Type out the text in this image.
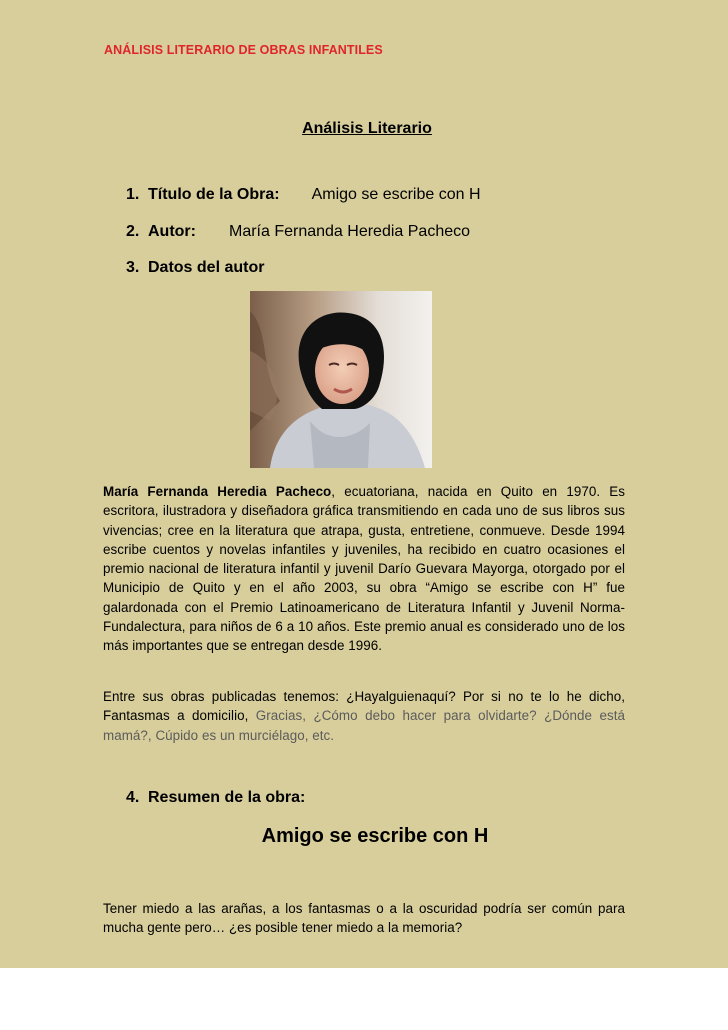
ANÁLISIS LITERARIO DE OBRAS INFANTILES
Análisis Literario
1. Título de la Obra: Amigo se escribe con H
2. Autor: María Fernanda Heredia Pacheco
3. Datos del autor
María Fernanda Heredia Pacheco, ecuatoriana, nacida en Quito en 1970. Es escritora, ilustradora y diseñadora gráfica transmitiendo en cada uno de sus libros sus vivencias; cree en la literatura que atrapa, gusta, entretiene, conmueve. Desde 1994 escribe cuentos y novelas infantiles y juveniles, ha recibido en cuatro ocasiones el premio nacional de literatura infantil y juvenil Darío Guevara Mayorga, otorgado por el Municipio de Quito y en el año 2003, su obra “Amigo se escribe con H” fue galardonada con el Premio Latinoamericano de Literatura Infantil y Juvenil Norma-Fundalectura, para niños de 6 a 10 años. Este premio anual es considerado uno de los más importantes que se entregan desde 1996.
Entre sus obras publicadas tenemos: ¿Hayalguienaquí? Por si no te lo he dicho, Fantasmas a domicilio, Gracias, ¿Cómo debo hacer para olvidarte? ¿Dónde está mamá?, Cúpido es un murciélago, etc.
4. Resumen de la obra:
Amigo se escribe con H
Tener miedo a las arañas, a los fantasmas o a la oscuridad podría ser común para mucha gente pero… ¿es posible tener miedo a la memoria?
